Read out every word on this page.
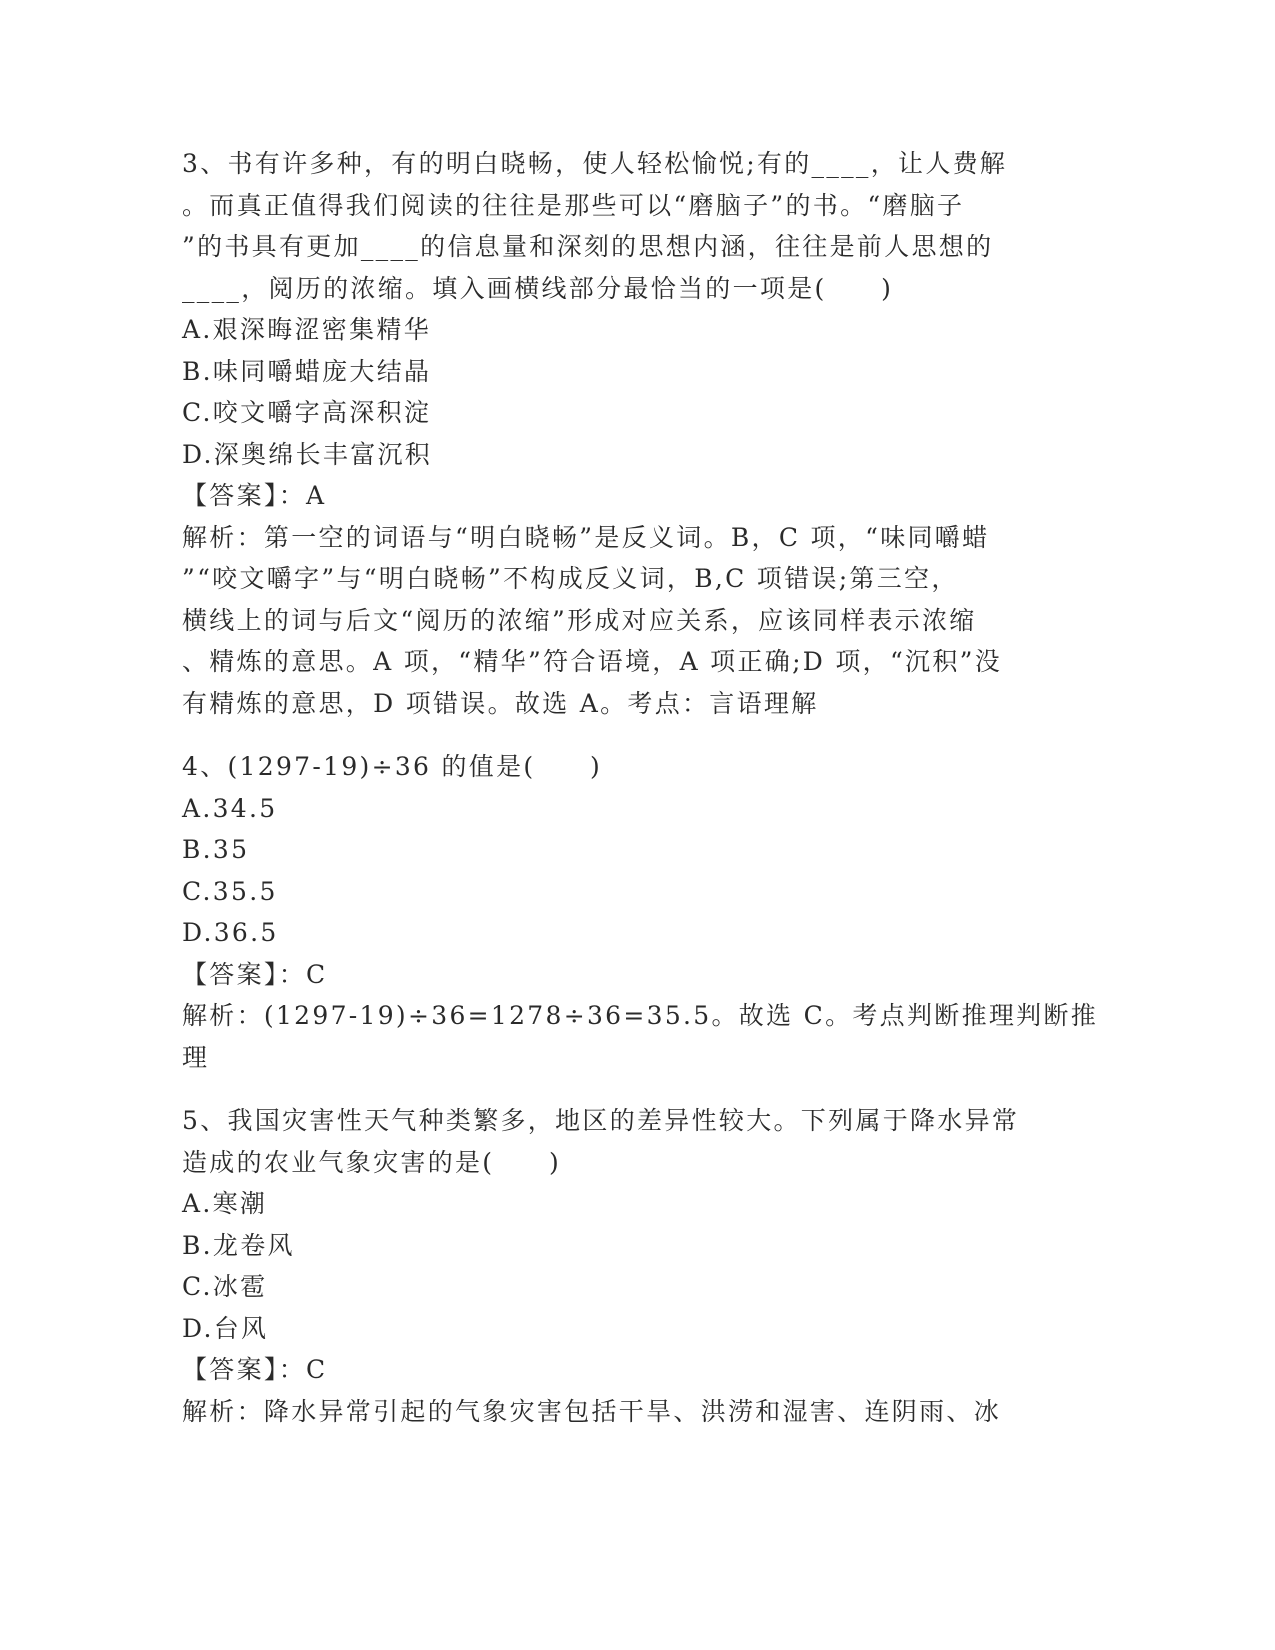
3、书有许多种，有的明白晓畅，使人轻松愉悦;有的____，让人费解
。而真正值得我们阅读的往往是那些可以“磨脑子”的书。“磨脑子
”的书具有更加____的信息量和深刻的思想内涵，往往是前人思想的
____，阅历的浓缩。填入画横线部分最恰当的一项是(　　)
A.艰深晦涩密集精华
B.味同嚼蜡庞大结晶
C.咬文嚼字高深积淀
D.深奥绵长丰富沉积
【答案】：A
解析：第一空的词语与“明白晓畅”是反义词。B，C 项，“味同嚼蜡
”“咬文嚼字”与“明白晓畅”不构成反义词，B,C 项错误;第三空，
横线上的词与后文“阅历的浓缩”形成对应关系，应该同样表示浓缩
、精炼的意思。A 项，“精华”符合语境，A 项正确;D 项，“沉积”没
有精炼的意思，D 项错误。故选 A。考点：言语理解
4、(1297-19)÷36 的值是(　　)
A.34.5
B.35
C.35.5
D.36.5
【答案】：C
解析：(1297-19)÷36=1278÷36=35.5。故选 C。考点判断推理判断推
理
5、我国灾害性天气种类繁多，地区的差异性较大。下列属于降水异常
造成的农业气象灾害的是(　　)
A.寒潮
B.龙卷风
C.冰雹
D.台风
【答案】：C
解析：降水异常引起的气象灾害包括干旱、洪涝和湿害、连阴雨、冰
